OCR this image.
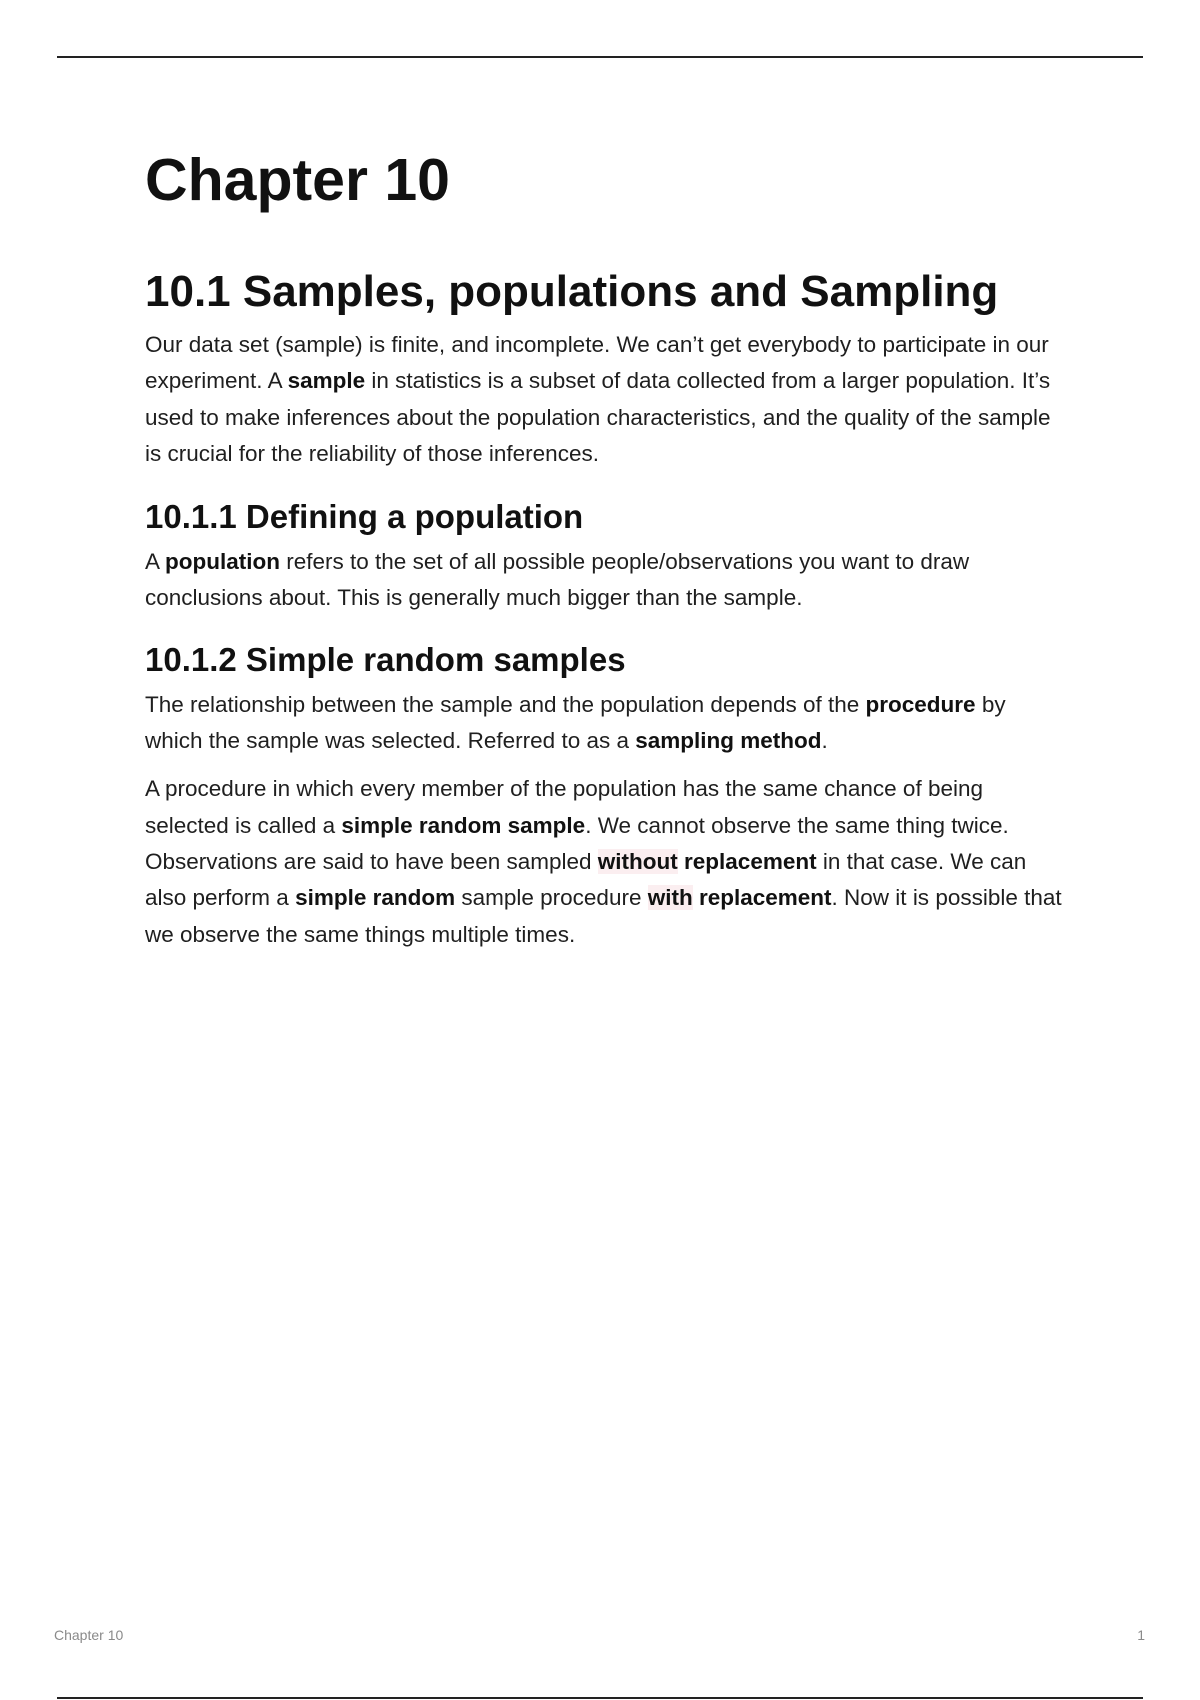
Chapter 10
10.1 Samples, populations and Sampling

Our data set (sample) is finite, and incomplete. We can’t get everybody to participate in our experiment. A sample in statistics is a subset of data collected from a larger population. It’s used to make inferences about the population characteristics, and the quality of the sample is crucial for the reliability of those inferences.

10.1.1 Defining a population

A population refers to the set of all possible people/observations you want to draw conclusions about. This is generally much bigger than the sample.

10.1.2 Simple random samples

The relationship between the sample and the population depends of the procedure by which the sample was selected. Referred to as a sampling method.

A procedure in which every member of the population has the same chance of being selected is called a simple random sample. We cannot observe the same thing twice. Observations are said to have been sampled without replacement in that case. We can also perform a simple random sample procedure with replacement. Now it is possible that we observe the same things multiple times.

Chapter 10	1
